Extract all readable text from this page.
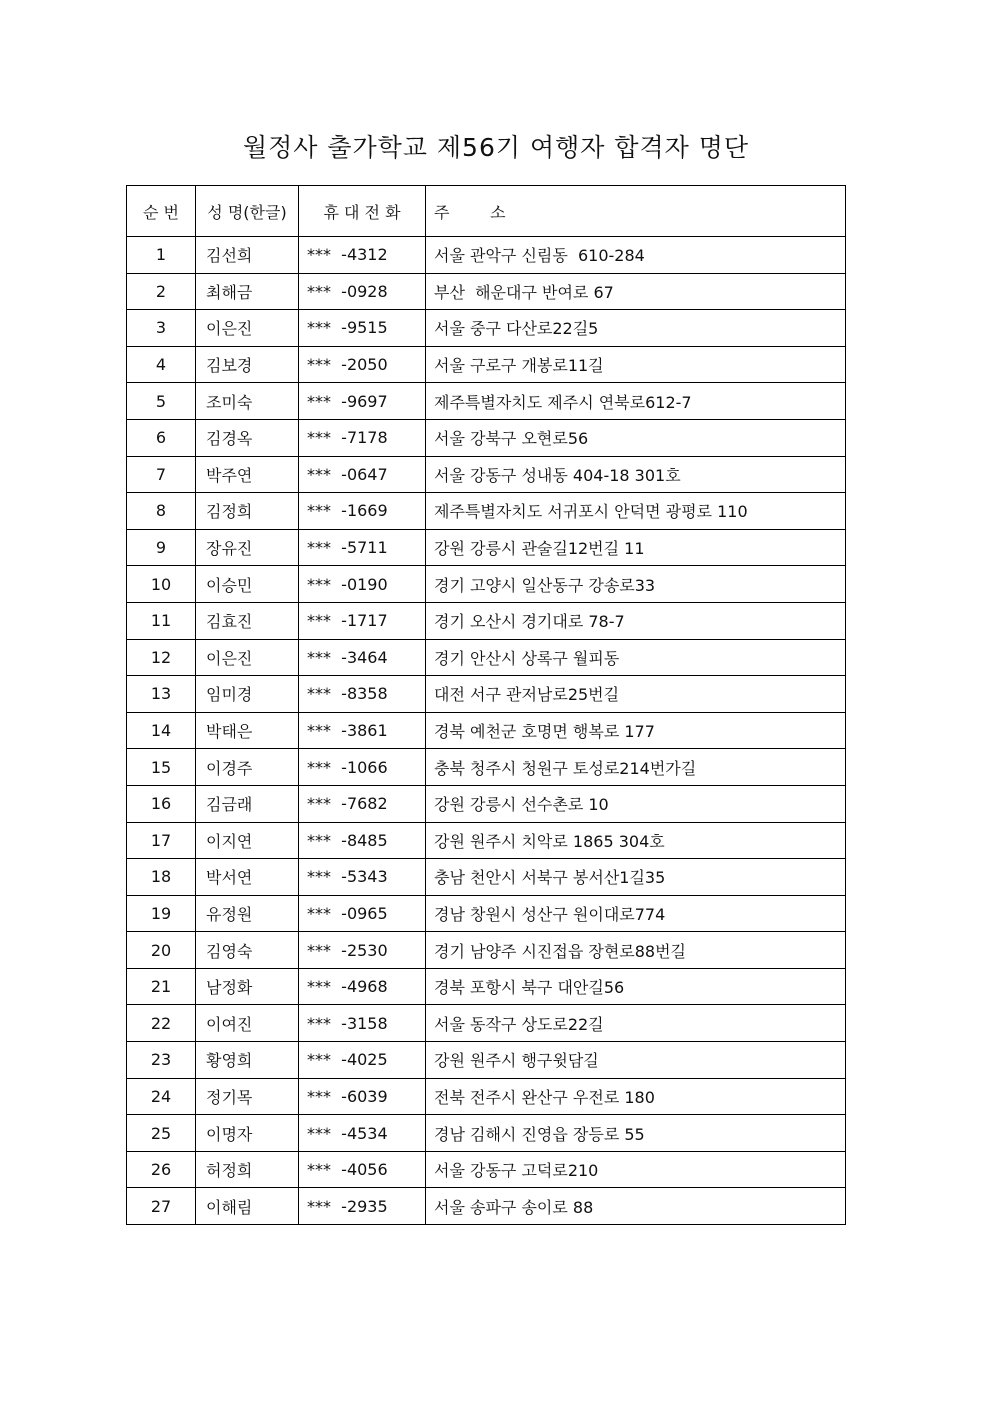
월정사 출가학교 제56기 여행자 합격자 명단
순 번	성 명(한글)	휴 대 전 화	주        소
1	김선희	***  -4312	서울 관악구 신림동  610-284
2	최해금	***  -0928	부산  해운대구 반여로 67
3	이은진	***  -9515	서울 중구 다산로22길5
4	김보경	***  -2050	서울 구로구 개봉로11길
5	조미숙	***  -9697	제주특별자치도 제주시 연북로612-7
6	김경옥	***  -7178	서울 강북구 오현로56
7	박주연	***  -0647	서울 강동구 성내동 404-18 301호
8	김정희	***  -1669	제주특별자치도 서귀포시 안덕면 광평로 110
9	장유진	***  -5711	강원 강릉시 관술길12번길 11
10	이승민	***  -0190	경기 고양시 일산동구 강송로33
11	김효진	***  -1717	경기 오산시 경기대로 78-7
12	이은진	***  -3464	경기 안산시 상록구 월피동
13	임미경	***  -8358	대전 서구 관저남로25번길
14	박태은	***  -3861	경북 예천군 호명면 행복로 177
15	이경주	***  -1066	충북 청주시 청원구 토성로214번가길
16	김금래	***  -7682	강원 강릉시 선수촌로 10
17	이지연	***  -8485	강원 원주시 치악로 1865 304호
18	박서연	***  -5343	충남 천안시 서북구 봉서산1길35
19	유정원	***  -0965	경남 창원시 성산구 원이대로774
20	김영숙	***  -2530	경기 남양주 시진접읍 장현로88번길
21	남정화	***  -4968	경북 포항시 북구 대안길56
22	이여진	***  -3158	서울 동작구 상도로22길
23	황영희	***  -4025	강원 원주시 행구윗담길
24	정기목	***  -6039	전북 전주시 완산구 우전로 180
25	이명자	***  -4534	경남 김해시 진영읍 장등로 55
26	허정희	***  -4056	서울 강동구 고덕로210
27	이해림	***  -2935	서울 송파구 송이로 88
